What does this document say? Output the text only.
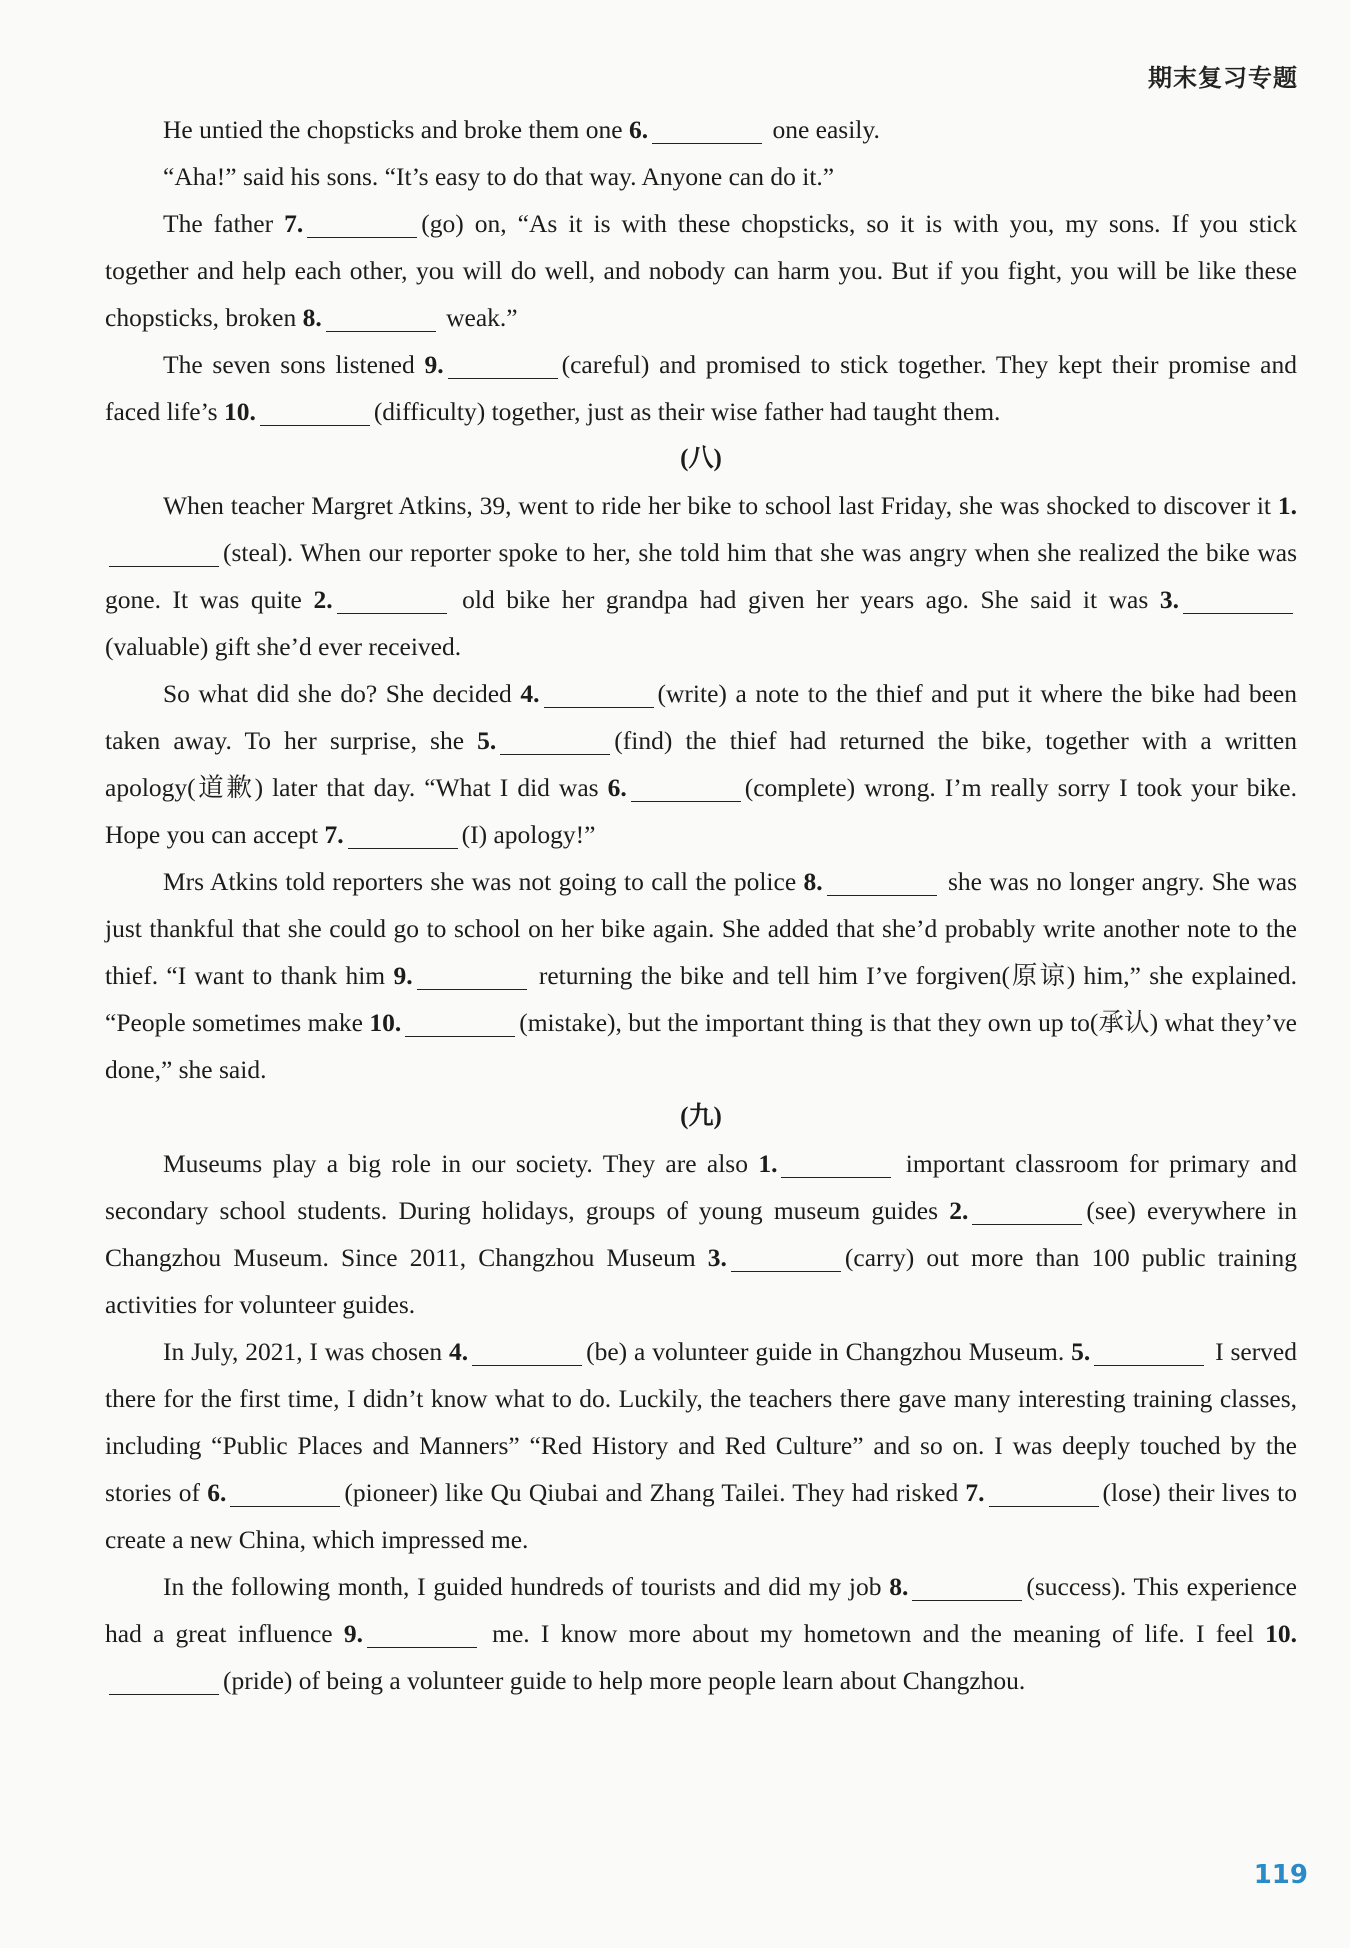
期末复习专题

He untied the chopsticks and broke them one 6.	one easily.

“Aha!” said his sons. “It’s easy to do that way. Anyone can do it.”

The father 7.	(go) on, “As it is with these chopsticks, so it is with you, my sons. If you stick together and help each other, you will do well, and nobody can harm you. But if you fight, you will be like these chopsticks, broken 8.	weak.”

The seven sons listened 9.	(careful) and promised to stick together. They kept their promise and faced life’s 10.	(difficulty) together, just as their wise father had taught them.

(八)

When teacher Margret Atkins, 39, went to ride her bike to school last Friday, she was shocked to discover it 1.(steal). When our reporter spoke to her, she told him that she was angry when she realized the bike was gone. It was quite 2.	old bike her grandpa had given her years ago. She said it was 3.(valuable) gift she’d ever received.

So what did she do? She decided 4.	(write) a note to the thief and put it where the bike had been taken away. To her surprise, she 5.	(find) the thief had returned the bike, together with a written apology(道歉) later that day. “What I did was 6.	(complete) wrong. I’m really sorry I took your bike. Hope you can accept 7.	(I) apology!”

Mrs Atkins told reporters she was not going to call the police 8.	she was no longer angry. She was just thankful that she could go to school on her bike again. She added that she’d probably write another note to the thief. “I want to thank him 9.	returning the bike and tell him I’ve forgiven(原谅) him,” she explained. “People sometimes make 10.	(mistake), but the important thing is that they own up to(承认) what they’ve done,” she said.

(九)

Museums play a big role in our society. They are also 1.	important classroom for primary and secondary school students. During holidays, groups of young museum guides 2.	(see) everywhere in Changzhou Museum. Since 2011, Changzhou Museum 3.	(carry) out more than 100 public training activities for volunteer guides.

In July, 2021, I was chosen 4.	(be) a volunteer guide in Changzhou Museum. 5.	I served there for the first time, I didn’t know what to do. Luckily, the teachers there gave many interesting training classes, including “Public Places and Manners” “Red History and Red Culture” and so on. I was deeply touched by the stories of 6.	(pioneer) like Qu Qiubai and Zhang Tailei. They had risked 7.	(lose) their lives to create a new China, which impressed me.

In the following month, I guided hundreds of tourists and did my job 8.	(success). This experience had a great influence 9.	me. I know more about my hometown and the meaning of life. I feel 10.(pride) of being a volunteer guide to help more people learn about Changzhou.

119
